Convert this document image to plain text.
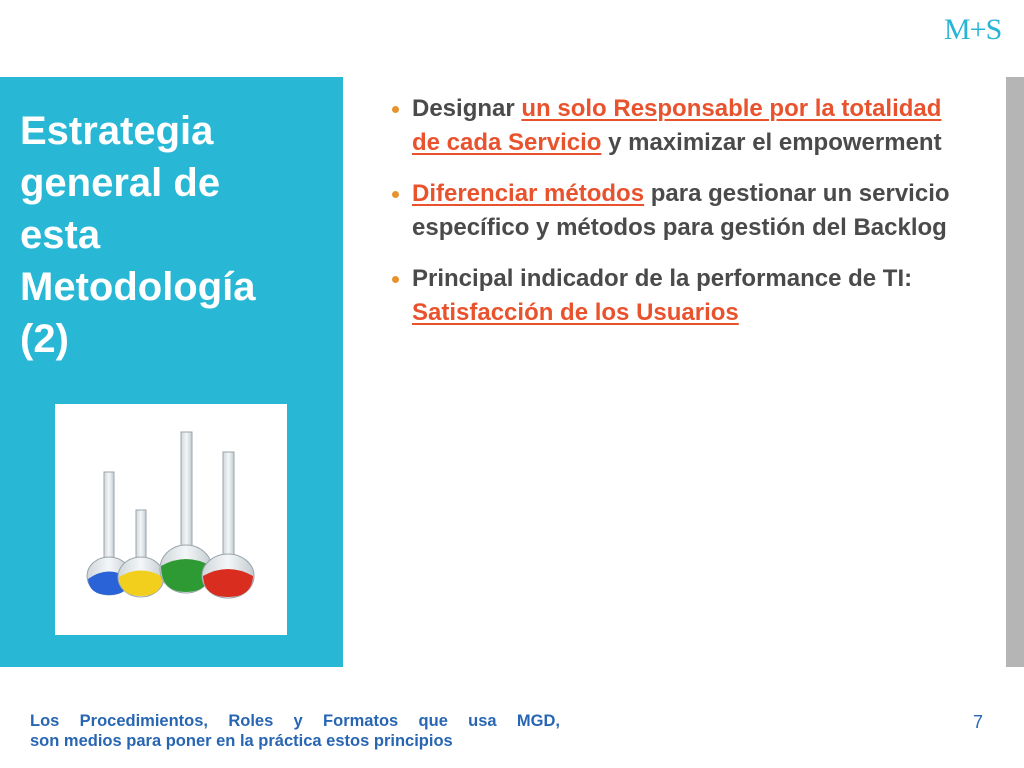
M+S
Estrategia
general de
esta
Metodología
(2)
Designar un solo Responsable por la totalidad de cada Servicio y maximizar el empowerment
Diferenciar métodos para gestionar un servicio específico y métodos para gestión del Backlog
Principal indicador de la performance de TI: Satisfacción de los Usuarios
Los Procedimientos, Roles y Formatos que usa MGD,
son medios para poner en la práctica estos principios
7
